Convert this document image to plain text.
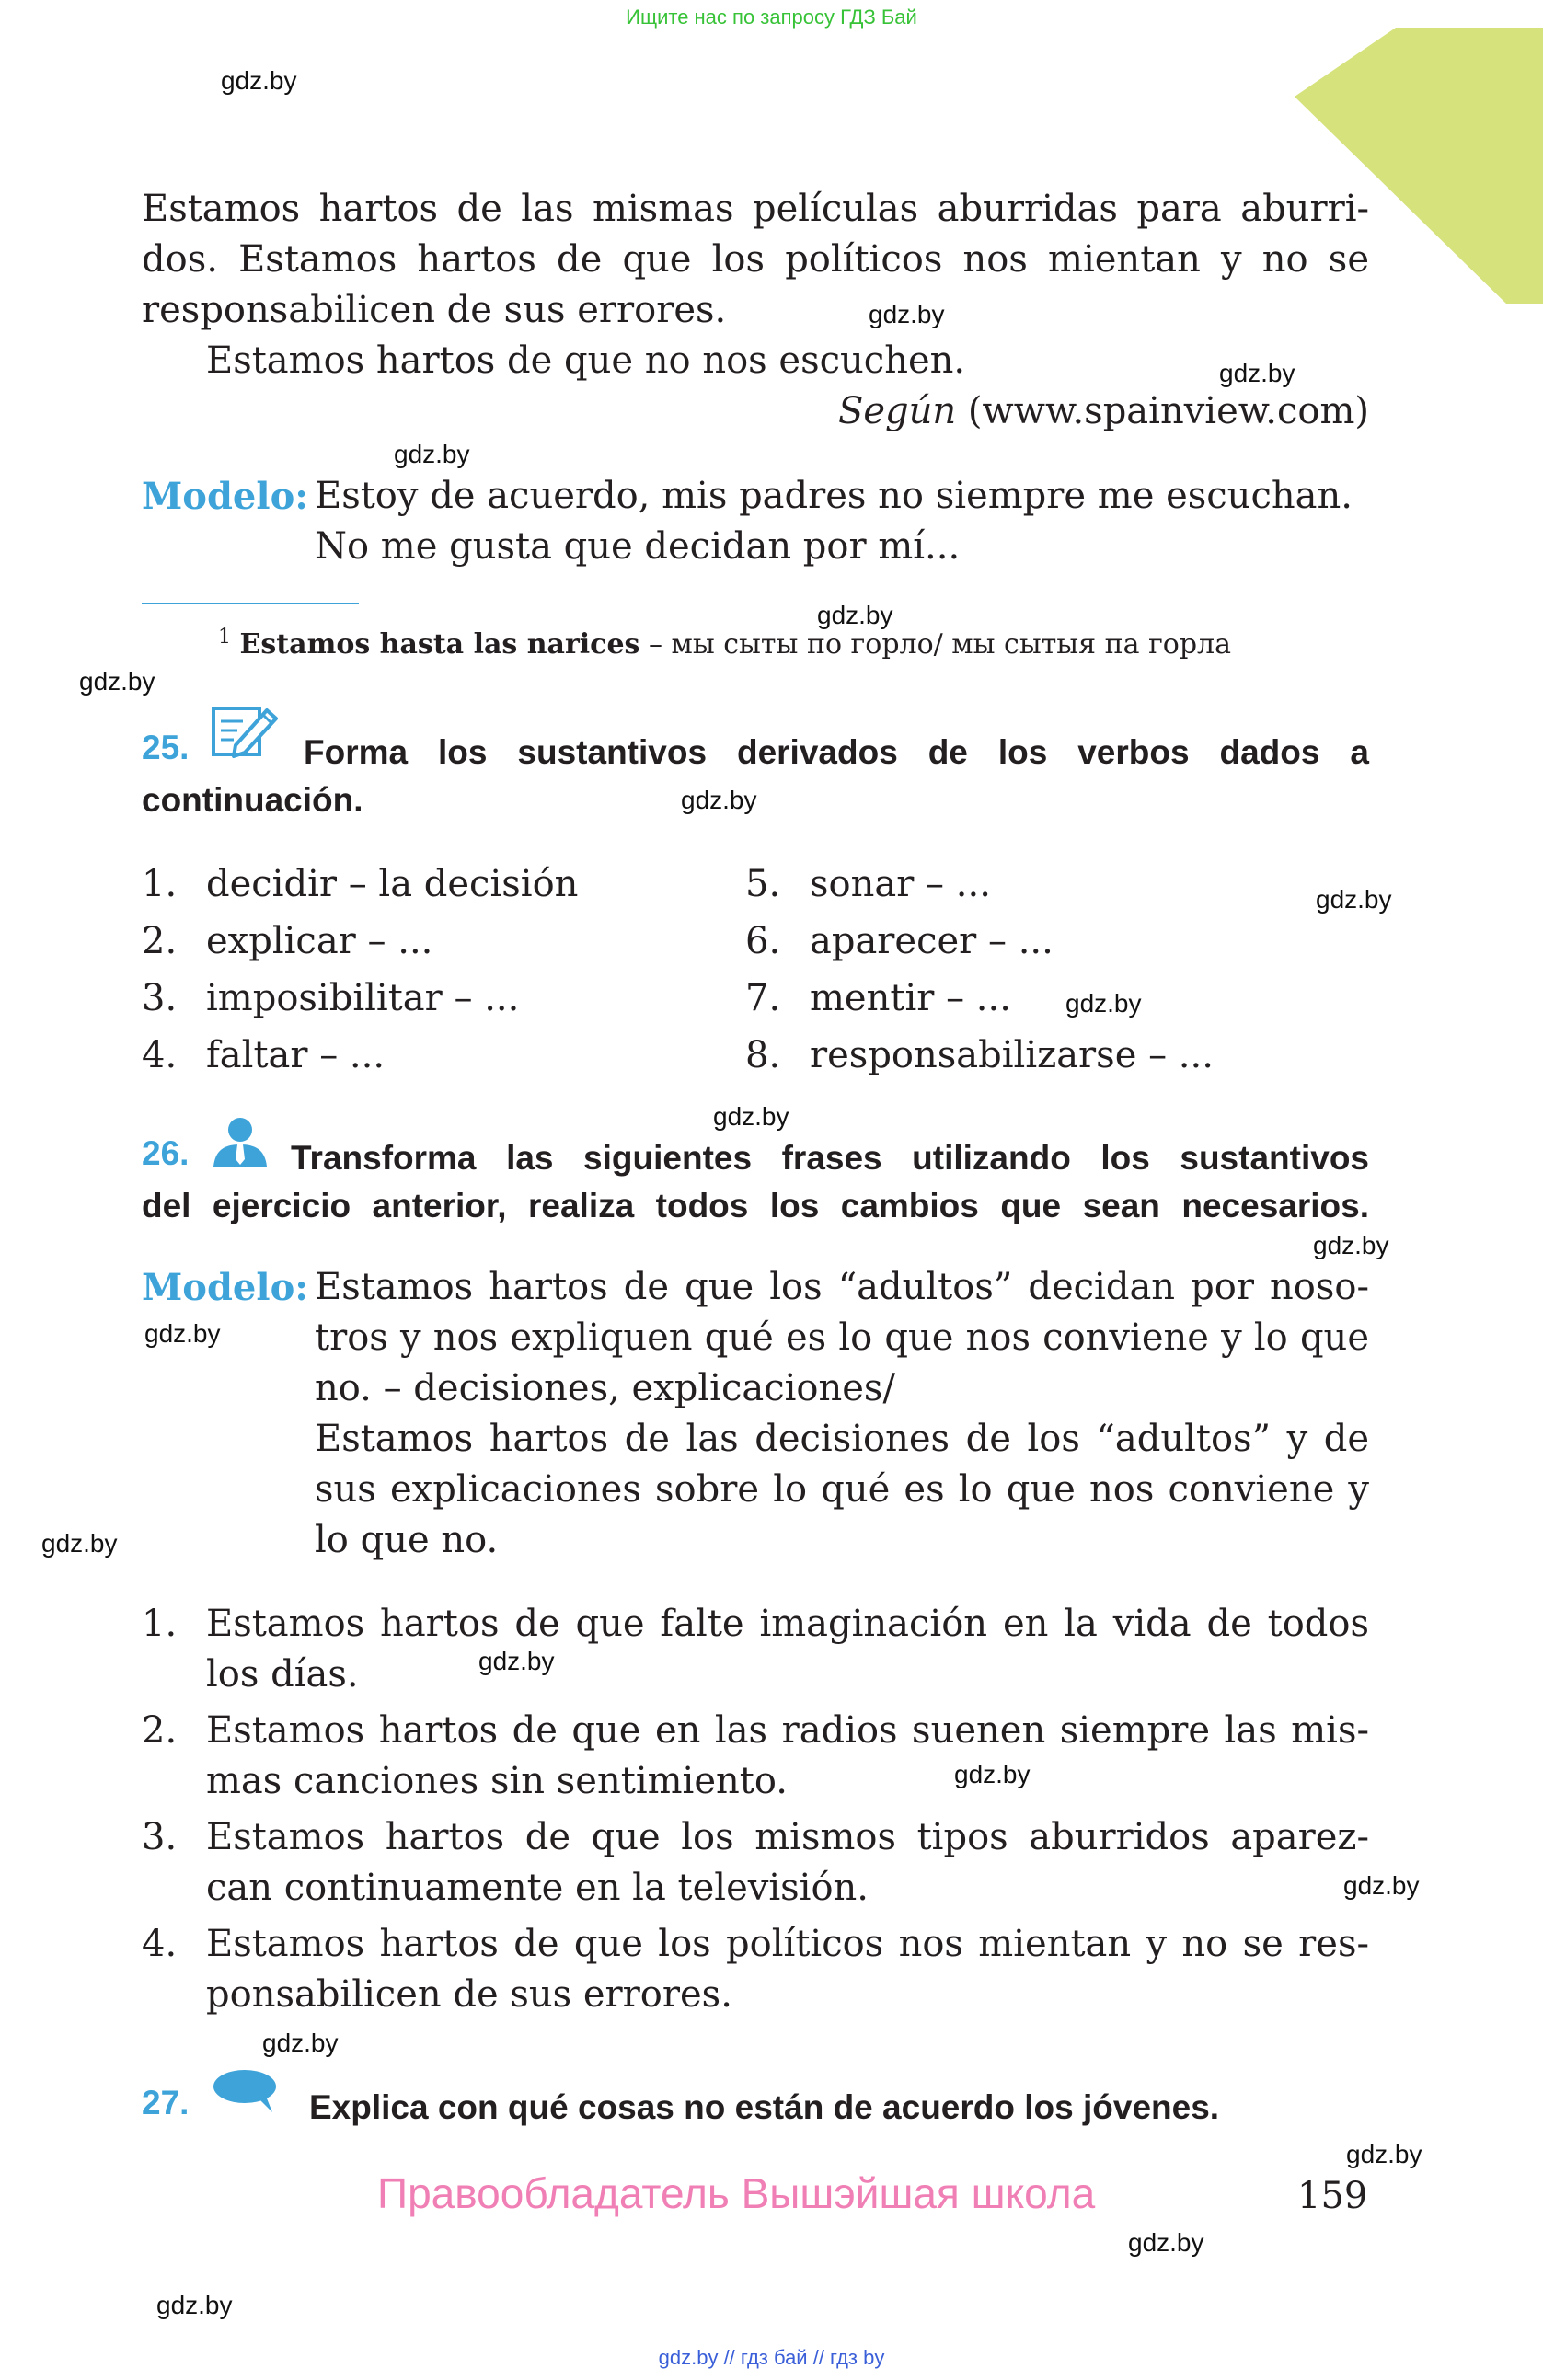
Ищите нас по запросу ГДЗ Бай
gdz.by
gdz.by
gdz.by
gdz.by
gdz.by
gdz.by
gdz.by
gdz.by
gdz.by
gdz.by
gdz.by
gdz.by
gdz.by
gdz.by
gdz.by
gdz.by
gdz.by
gdz.by
gdz.by
gdz.by
Estamos hartos de las mismas películas aburridas para aburri-
dos. Estamos hartos de que los políticos nos mientan y no se
responsabilicen de sus errores.
Estamos hartos de que no nos escuchen.
Según (www.spainview.com)
Modelo: Estoy de acuerdo, mis padres no siempre me escuchan.
No me gusta que decidan por mí...
$^1$ Estamos hasta las narices – мы сыты по горло/ мы сытыя па горла
25.	Forma los sustantivos derivados de los verbos dados a
continuación.
1. decidir – la decisión
2. explicar – ...
3. imposibilitar – ...
4. faltar – ...
5. sonar – ...
6. aparecer – ...
7. mentir – ...
8. responsabilizarse – ...
26.	Transforma las siguientes frases utilizando los sustantivos
del ejercicio anterior, realiza todos los cambios que sean necesarios.
Modelo: Estamos hartos de que los “adultos” decidan por noso-
tros y nos expliquen qué es lo que nos conviene y lo que
no. – decisiones, explicaciones/
Estamos hartos de las decisiones de los “adultos” y de
sus explicaciones sobre lo qué es lo que nos conviene y
lo que no.
1. Estamos hartos de que falte imaginación en la vida de todos
los días.
2. Estamos hartos de que en las radios suenen siempre las mis-
mas canciones sin sentimiento.
3. Estamos hartos de que los mismos tipos aburridos aparez-
can continuamente en la televisión.
4. Estamos hartos de que los políticos nos mientan y no se res-
ponsabilicen de sus errores.
27.	Explica con qué cosas no están de acuerdo los jóvenes.
Правообладатель Вышэйшая школа	159
gdz.by // гдз бай // гдз by
